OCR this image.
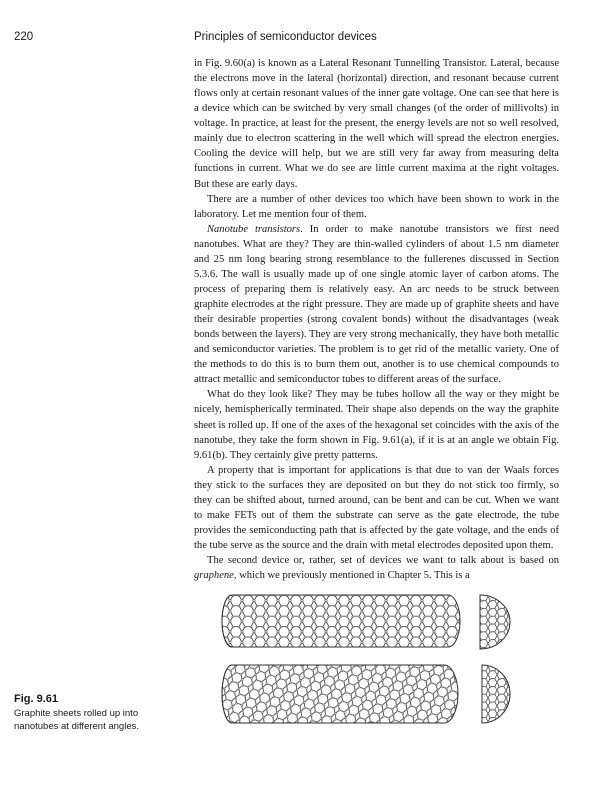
220	Principles of semiconductor devices

in Fig. 9.60(a) is known as a Lateral Resonant Tunnelling Transistor. Lateral, because the electrons move in the lateral (horizontal) direction, and resonant because current flows only at certain resonant values of the inner gate voltage. One can see that here is a device which can be switched by very small changes (of the order of millivolts) in voltage. In practice, at least for the present, the energy levels are not so well resolved, mainly due to electron scattering in the well which will spread the electron energies. Cooling the device will help, but we are still very far away from measuring delta functions in current. What we do see are little current maxima at the right voltages. But these are early days.

There are a number of other devices too which have been shown to work in the laboratory. Let me mention four of them.

Nanotube transistors. In order to make nanotube transistors we first need nanotubes. What are they? They are thin-walled cylinders of about 1.5 nm diameter and 25 nm long bearing strong resemblance to the fullerenes discussed in Section 5.3.6. The wall is usually made up of one single atomic layer of carbon atoms. The process of preparing them is relatively easy. An arc needs to be struck between graphite electrodes at the right pressure. They are made up of graphite sheets and have their desirable properties (strong covalent bonds) without the disadvantages (weak bonds between the layers). They are very strong mechanically, they have both metallic and semiconductor varieties. The problem is to get rid of the metallic variety. One of the methods to do this is to burn them out, another is to use chemical compounds to attract metallic and semiconductor tubes to different areas of the surface.

What do they look like? They may be tubes hollow all the way or they might be nicely, hemispherically terminated. Their shape also depends on the way the graphite sheet is rolled up. If one of the axes of the hexagonal set coincides with the axis of the nanotube, they take the form shown in Fig. 9.61(a), if it is at an angle we obtain Fig. 9.61(b). They certainly give pretty patterns.

A property that is important for applications is that due to van der Waals forces they stick to the surfaces they are deposited on but they do not stick too firmly, so they can be shifted about, turned around, can be bent and can be cut. When we want to make FETs out of them the substrate can serve as the gate electrode, the tube provides the semiconducting path that is affected by the gate voltage, and the ends of the tube serve as the source and the drain with metal electrodes deposited upon them.

The second device or, rather, set of devices we want to talk about is based on graphene, which we previously mentioned in Chapter 5. This is a

Fig. 9.61
Graphite sheets rolled up into nanotubes at different angles.
